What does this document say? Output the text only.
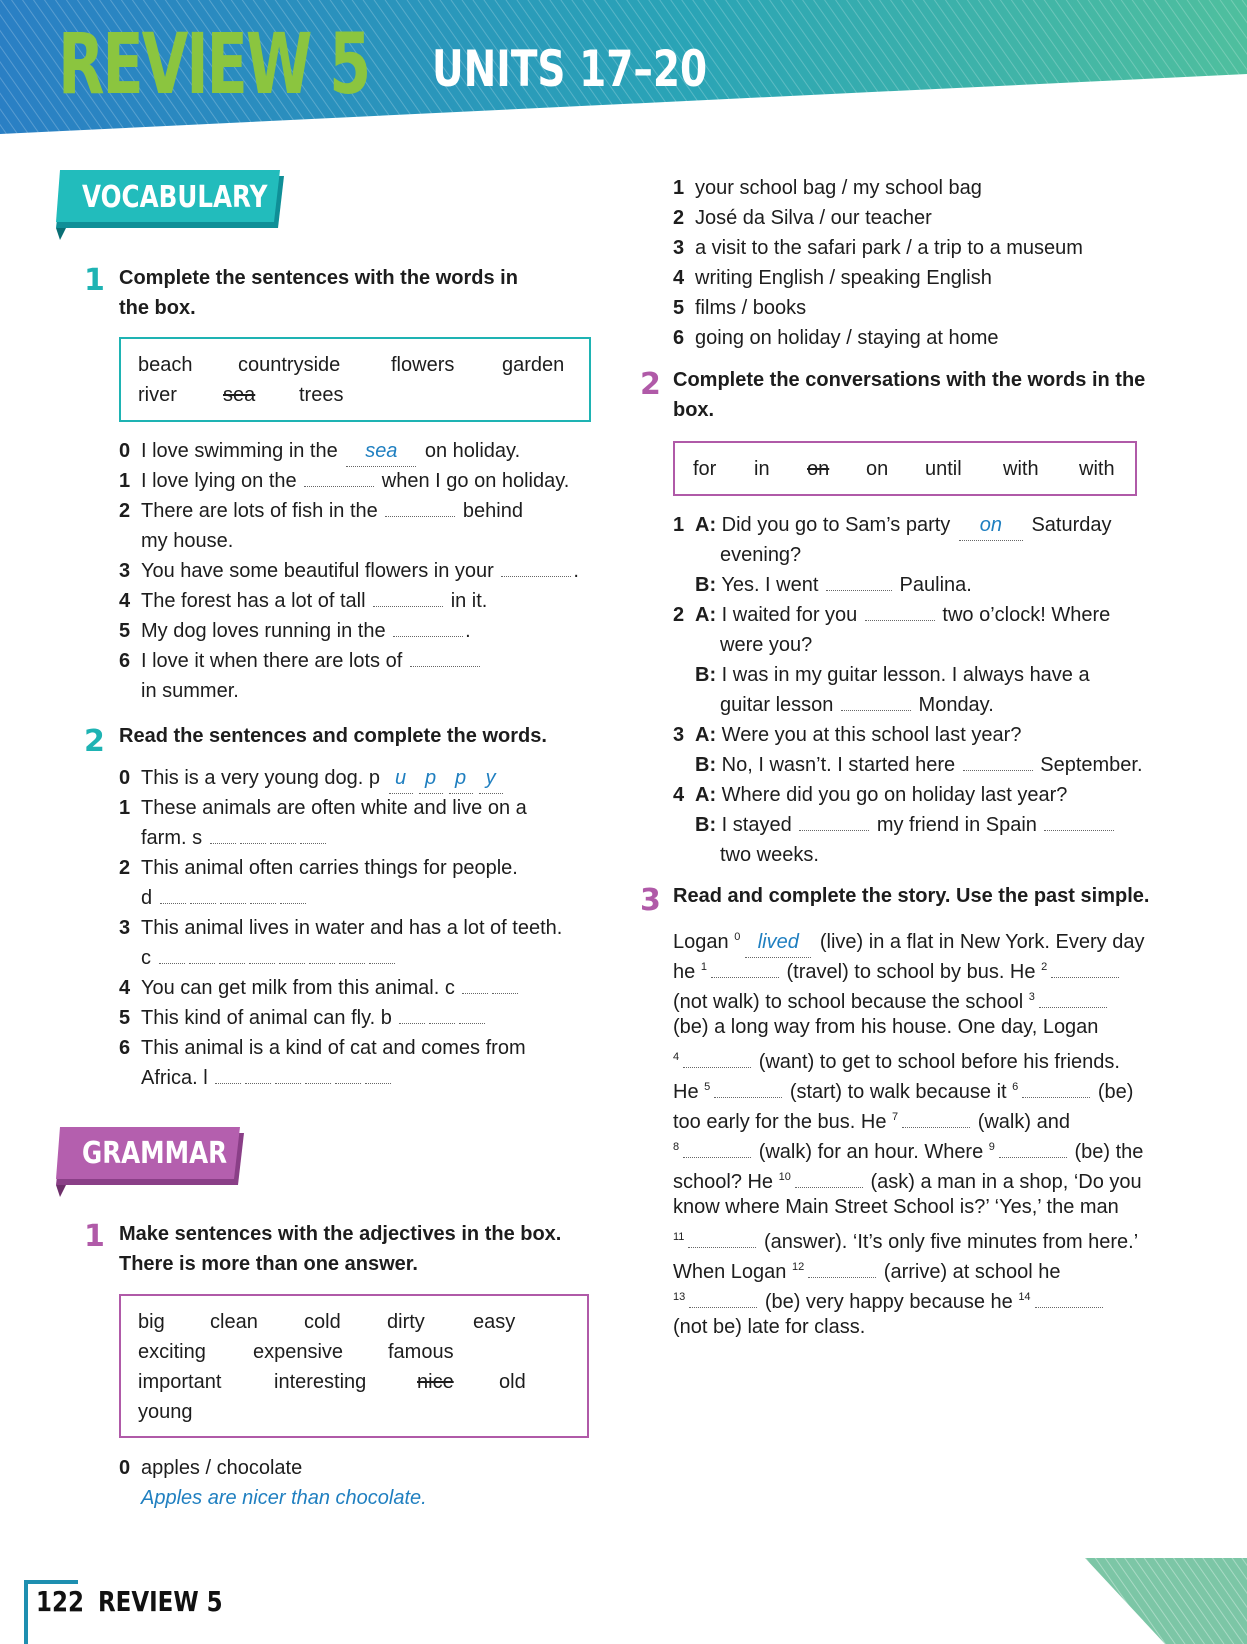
REVIEW 5 UNITS 17–20
VOCABULARY
1 Complete the sentences with the words in
the box.
beach countryside	flowers garden
river sea trees
0 I love swimming in the sea on holiday.
1 I love lying on the	when I go on holiday.
2 There are lots of fish in the	behind
my house.
3 You have some beautiful flowers in your	.
4 The forest has a lot of tall	in it.
5 My dog loves running in the	.
6 I love it when there are lots of
in summer.
2 Read the sentences and complete the words.
0 This is a very young dog. p u p p y
1 These animals are often white and live on a
farm. s
2 This animal often carries things for people.
d
3 This animal lives in water and has a lot of teeth.
c
4 You can get milk from this animal. c
5 This kind of animal can fly. b
6 This animal is a kind of cat and comes from
Africa. l
GRAMMAR
1 Make sentences with the adjectives in the box.
There is more than one answer.
big clean cold dirty easy
exciting expensive famous
important	interesting	nice old
young
0 apples / chocolate
Apples are nicer than chocolate.
1 your school bag / my school bag
2 José da Silva / our teacher
3 a visit to the safari park / a trip to a museum
4 writing English / speaking English
5 films / books
6 going on holiday / staying at home
2 Complete the conversations with the words in the
box.
for in on on until with with
1 A: Did you go to Sam’s party on Saturday
evening?
B: Yes. I went	Paulina.
2 A: I waited for you	two o’clock! Where
were you?
B: I was in my guitar lesson. I always have a
guitar lesson	Monday.
3 A: Were you at this school last year?
B: No, I wasn’t. I started here	September.
4 A: Where did you go on holiday last year?
B: I stayed	my friend in Spain
two weeks.
3 Read and complete the story. Use the past simple.
Logan $^0$ lived (live) in a flat in New York. Every day
he $^1$	(travel) to school by bus. He $^2$
(not walk) to school because the school $^3$
(be) a long way from his house. One day, Logan
$^4$	(want) to get to school before his friends.
He $^5$	(start) to walk because it $^6$	(be)
too early for the bus. He $^7$	(walk) and
$^8$	(walk) for an hour. Where $^9$	(be) the
school? He $^{10}$	(ask) a man in a shop, ‘Do you
know where Main Street School is?’ ‘Yes,’ the man
$^{11}$	(answer). ‘It’s only five minutes from here.’
When Logan $^{12}$	(arrive) at school he
$^{13}$	(be) very happy because he $^{14}$
(not be) late for class.
122 REVIEW 5
